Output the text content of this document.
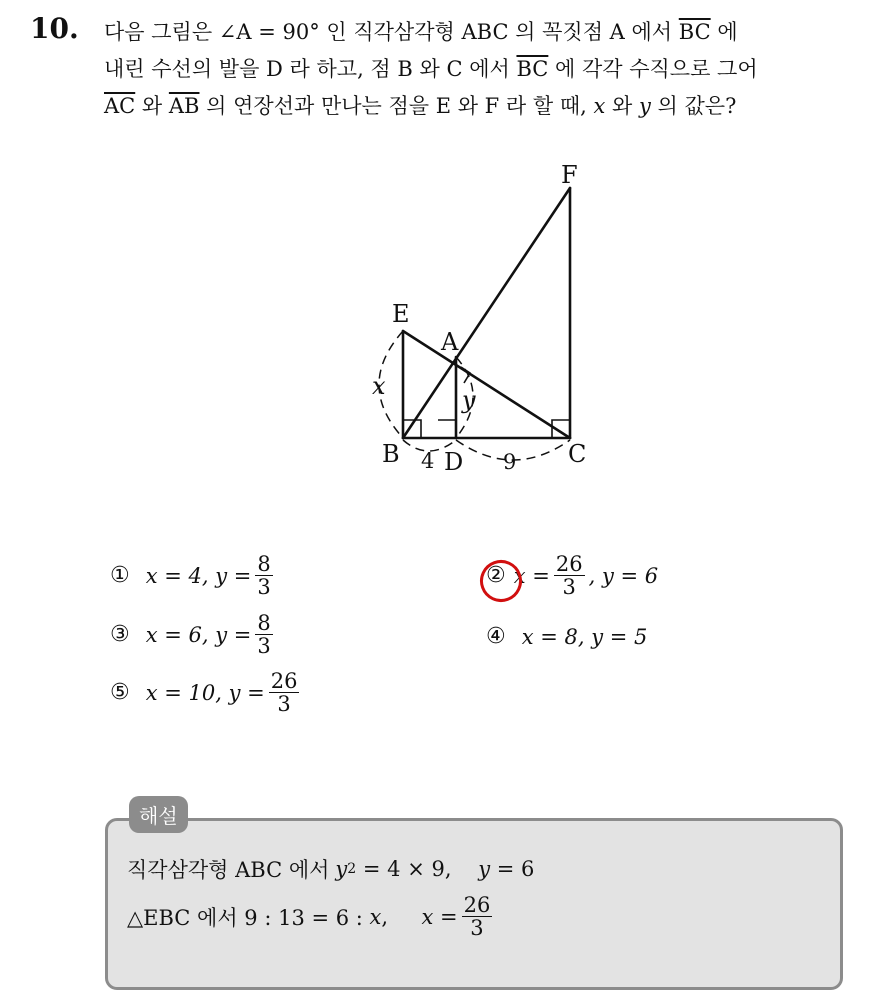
10. 다음 그림은 ∠A = 90° 인 직각삼각형 ABC 의 꼭짓점 A 에서 $\overline{BC}$ 에
내린 수선의 발을 D 라 하고, 점 B 와 C 에서 $\overline{BC}$ 에 각각 수직으로 그어
$\overline{AC}$ 와 $\overline{AB}$ 의 연장선과 만나는 점을 E 와 F 라 할 때, x 와 y 의 값은?
F
E
A
B	C
D
x	y
4	9
① x = 4, $y = \frac{8}{3}$	② $x = \frac{26}{3}$ , y = 6
③ x = 6, $y = \frac{8}{3}$	④ x = 8, y = 5
⑤ x = 10, $y = \frac{26}{3}$
해설
직각삼각형 ABC 에서 y 2 = 4 × 9, y = 6
△EBC 에서 9 : 13 = 6 : x , $x = \frac{26}{3}$
